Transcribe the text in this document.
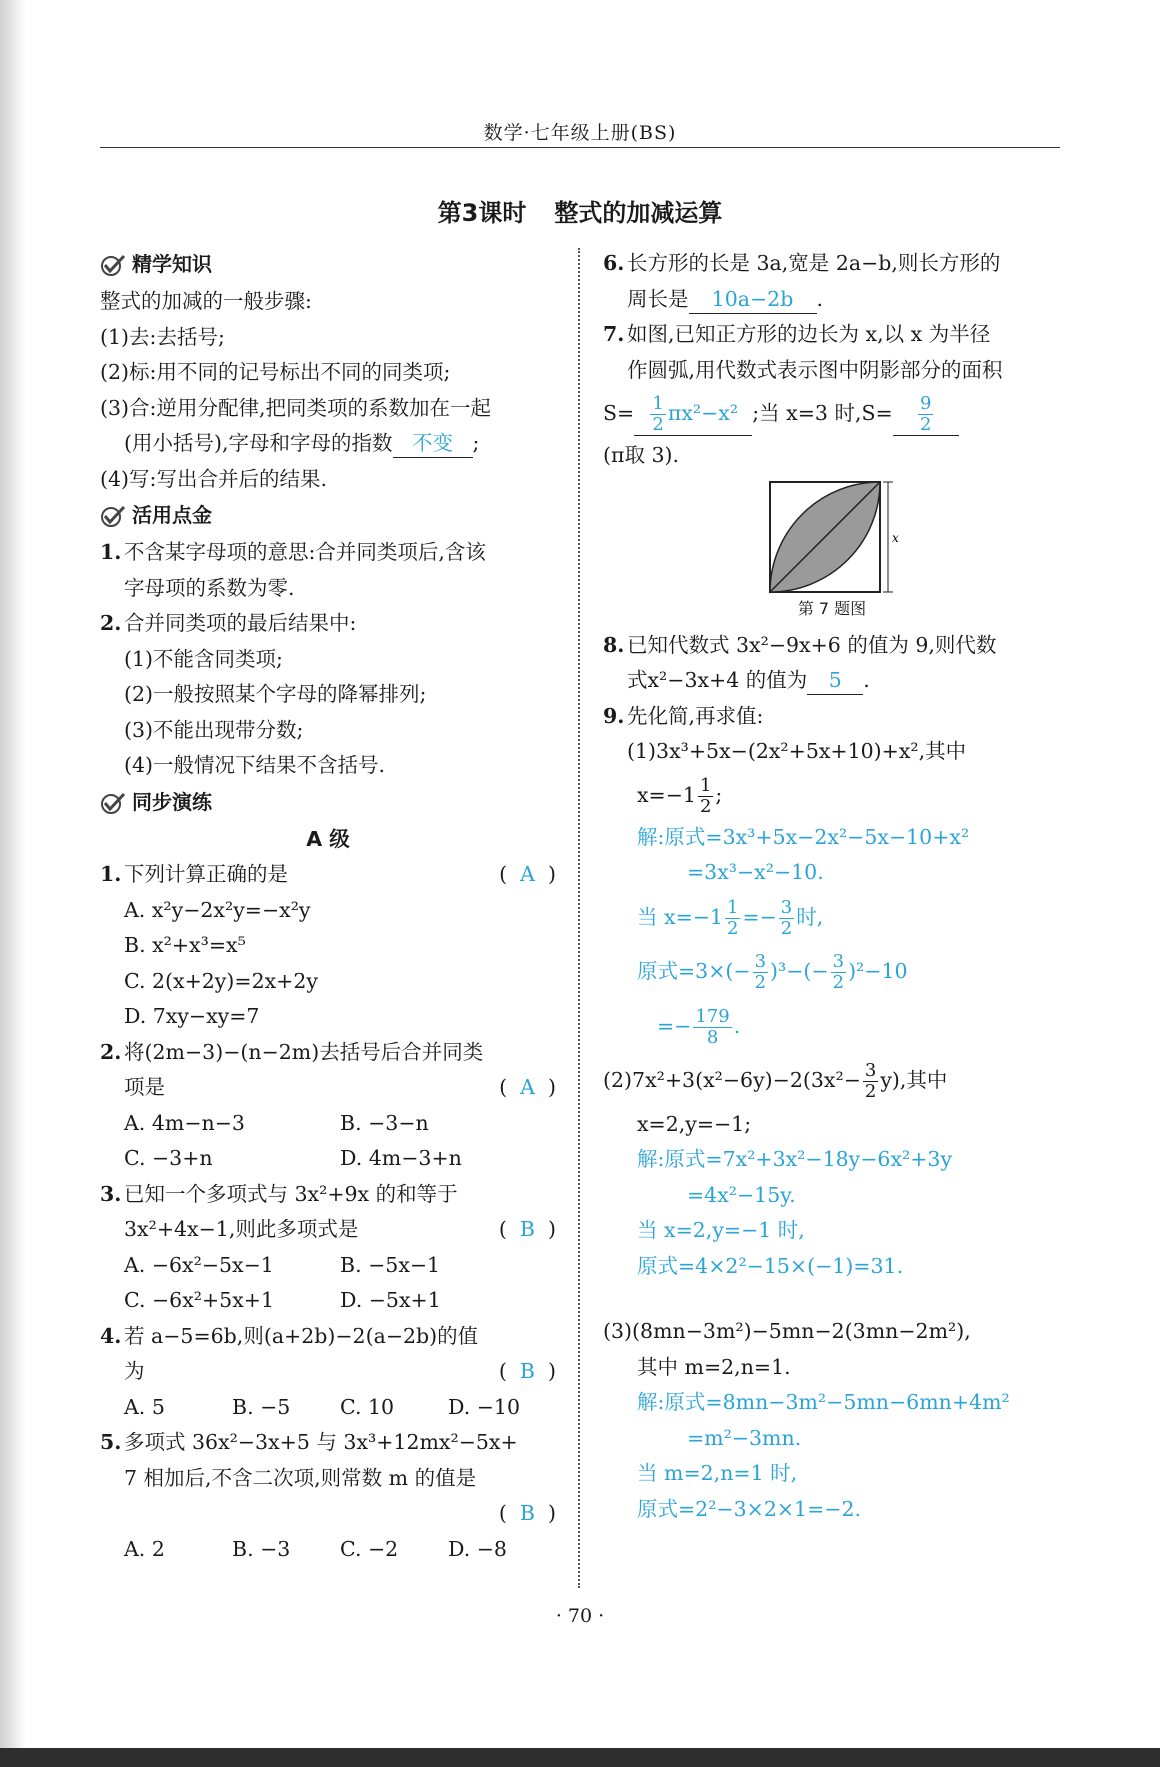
数学·七年级上册(BS)
第3课时 整式的加减运算
精学知识
整式的加减的一般步骤:
(1)去:去括号;
(2)标:用不同的记号标出不同的同类项;
(3)合:逆用分配律,把同类项的系数加在一起
(用小括号),字母和字母的指数 不变 ;
(4)写:写出合并后的结果.
活用点金
1. 不含某字母项的意思:合并同类项后,含该
字母项的系数为零.
2. 合并同类项的最后结果中:
(1)不能含同类项;
(2)一般按照某个字母的降幂排列;
(3)不能出现带分数;
(4)一般情况下结果不含括号.
同步演练
A 级
1. 下列计算正确的是	( A )
A. x²y−2x²y=−x²y
B. x²+x³=x⁵
C. 2(x+2y)=2x+2y
D. 7xy−xy=7
2. 将(2m−3)−(n−2m)去括号后合并同类
项是	(  A  )
A. 4m−n−3	B. −3−n
C. −3+n	D. 4m−3+n
3. 已知一个多项式与 3x²+9x 的和等于
3x²+4x−1,则此多项式是	(  B  )
A. −6x²−5x−1	B. −5x−1
C. −6x²+5x+1	D. −5x+1
4. 若 a−5=6b,则(a+2b)−2(a−2b)的值
为	(  B  )
A. 5	B. −5	C. 10	D. −10
5. 多项式 36x²−3x+5 与 3x³+12mx²−5x+
7 相加后,不含二次项,则常数 m 的值是
(  B  )
A. 2	B. −3	C. −2	D. −8
6. 长方形的长是 3a,宽是 2a−b,则长方形的
周长是 10a−2b .
7. 如图,已知正方形的边长为 x,以 x 为半径
作圆弧,用代数式表示图中阴影部分的面积
$S= \frac{1}{2} \pi x^2-x^2$ ;当 x=3 时$,S= \frac{9}{2}$
(π取 3).
x
第 7 题图
8. 已知代数式 3x²−9x+6 的值为 9,则代数
式x²−3x+4 的值为 5 .
9. 先化简,再求值:
(1)3x³+5x−(2x²+5x+10)+x²,其中
$x=-1 \frac{1}{2}$ ;
解:原式=3x³+5x−2x²−5x−10+x²
=3x³−x²−10.
当 $x=-1 \frac{1}{2} =- \frac{3}{2}$ 时,
原式$=3\times(- \frac{3}{2} )^3-(- \frac{3}{2} )^2-10$
=− $\frac{179}{8}$ .
$(2)7x^2+3(x^2-6y)-2(3x^2- \frac{3}{2} y)$,其中
x=2,y=−1;
解:原式=7x²+3x²−18y−6x²+3y
=4x²−15y.
当 x=2,y=−1 时,
原式=4×2²−15×(−1)=31.
(3)(8mn−3m²)−5mn−2(3mn−2m²),
其中 m=2,n=1.
解:原式=8mn−3m²−5mn−6mn+4m²
=m²−3mn.
当 m=2,n=1 时,
原式=2²−3×2×1=−2.
· 70 ·
